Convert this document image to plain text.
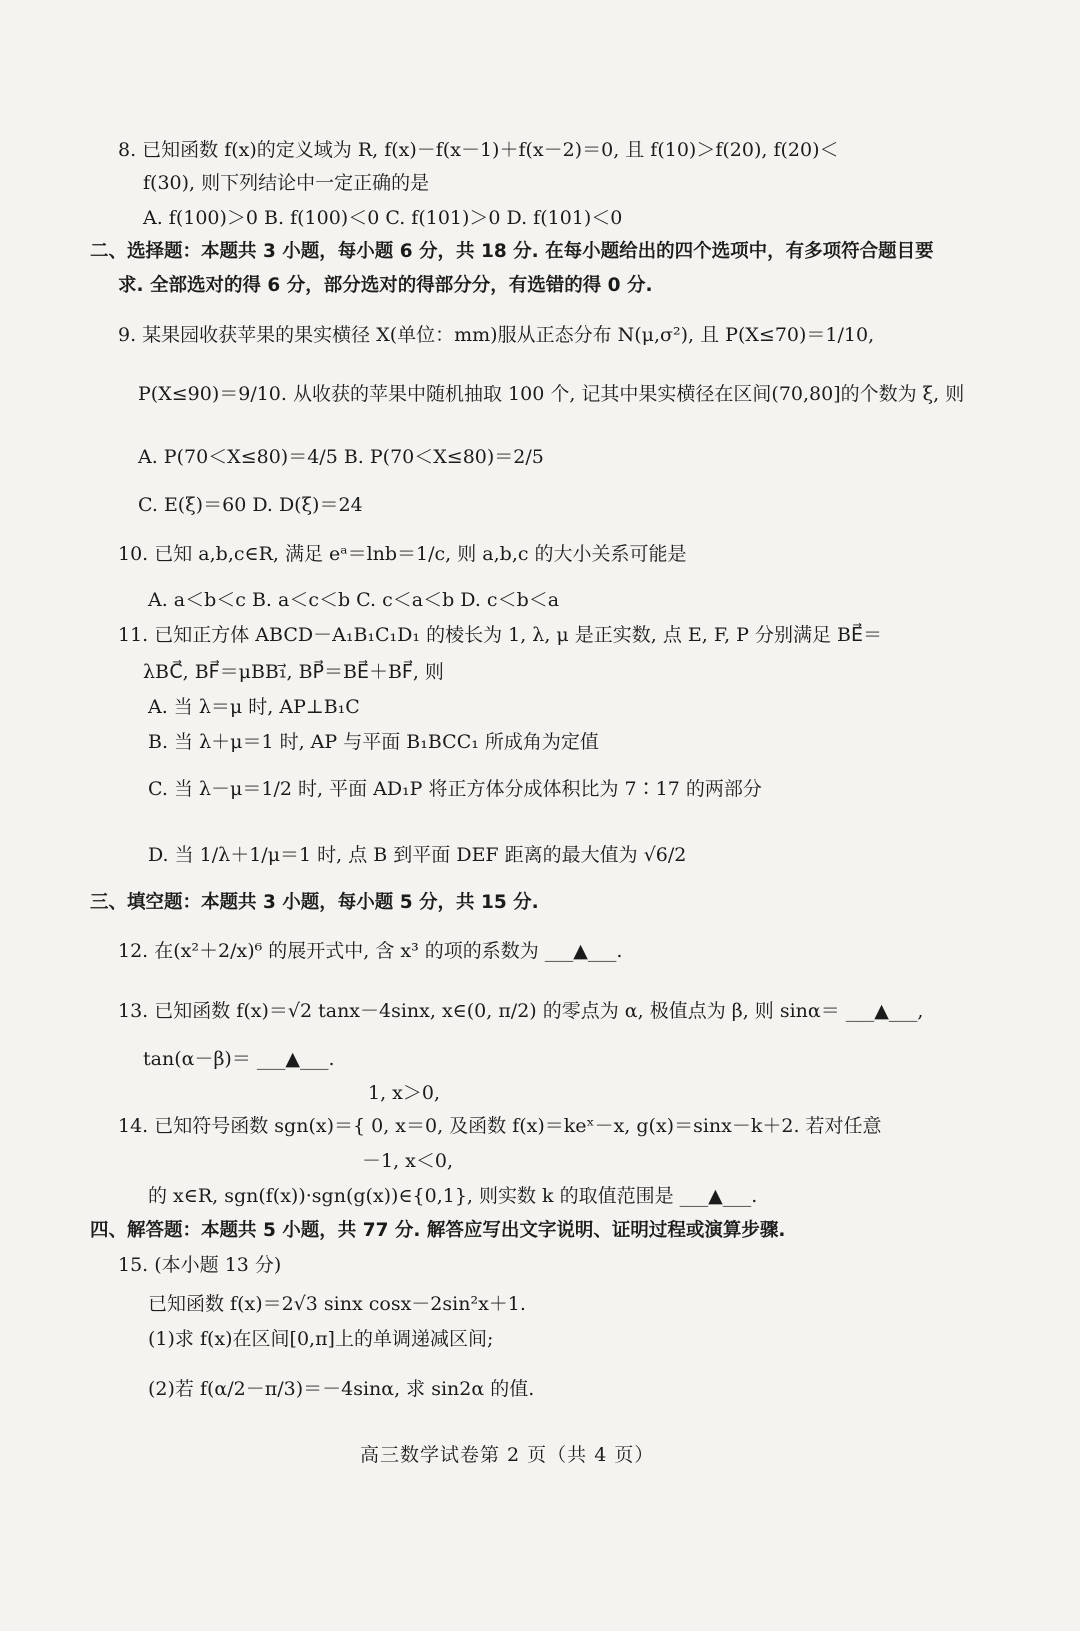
8. 已知函数 f(x)的定义域为 R, f(x)－f(x－1)＋f(x－2)＝0, 且 f(10)＞f(20), f(20)＜
f(30), 则下列结论中一定正确的是
A. f(100)＞0 B. f(100)＜0 C. f(101)＞0 D. f(101)＜0
二、选择题：本题共 3 小题，每小题 6 分，共 18 分. 在每小题给出的四个选项中，有多项符合题目要
求. 全部选对的得 6 分，部分选对的得部分分，有选错的得 0 分.
9. 某果园收获苹果的果实横径 X(单位：mm)服从正态分布 N(μ,σ²), 且 P(X≤70)＝1/10,
P(X≤90)＝9/10. 从收获的苹果中随机抽取 100 个, 记其中果实横径在区间(70,80]的个数为 ξ, 则
A. P(70＜X≤80)＝4/5 B. P(70＜X≤80)＝2/5
C. E(ξ)＝60 D. D(ξ)＝24
10. 已知 a,b,c∈R, 满足 eᵃ＝lnb＝1/c, 则 a,b,c 的大小关系可能是
A. a＜b＜c B. a＜c＜b C. c＜a＜b D. c＜b＜a
11. 已知正方体 ABCD－A₁B₁C₁D₁ 的棱长为 1, λ, μ 是正实数, 点 E, F, P 分别满足 BE⃗＝
λBC⃗, BF⃗＝μBB₁⃗, BP⃗＝BE⃗＋BF⃗, 则
A. 当 λ＝μ 时, AP⊥B₁C
B. 当 λ＋μ＝1 时, AP 与平面 B₁BCC₁ 所成角为定值
C. 当 λ－μ＝1/2 时, 平面 AD₁P 将正方体分成体积比为 7∶17 的两部分
D. 当 1/λ＋1/μ＝1 时, 点 B 到平面 DEF 距离的最大值为 √6/2
三、填空题：本题共 3 小题，每小题 5 分，共 15 分.
12. 在(x²＋2/x)⁶ 的展开式中, 含 x³ 的项的系数为 ___▲___.
13. 已知函数 f(x)＝√2 tanx－4sinx, x∈(0, π/2) 的零点为 α, 极值点为 β, 则 sinα＝ ___▲___,
tan(α－β)＝ ___▲___.
1, x＞0,
14. 已知符号函数 sgn(x)＝{ 0, x＝0, 及函数 f(x)＝keˣ－x, g(x)＝sinx－k＋2. 若对任意
－1, x＜0,
的 x∈R, sgn(f(x))·sgn(g(x))∈{0,1}, 则实数 k 的取值范围是 ___▲___.
四、解答题：本题共 5 小题，共 77 分. 解答应写出文字说明、证明过程或演算步骤.
15. (本小题 13 分)
已知函数 f(x)＝2√3 sinx cosx－2sin²x＋1.
(1)求 f(x)在区间[0,π]上的单调递减区间;
(2)若 f(α/2－π/3)＝－4sinα, 求 sin2α 的值.
高三数学试卷第 2 页（共 4 页）
